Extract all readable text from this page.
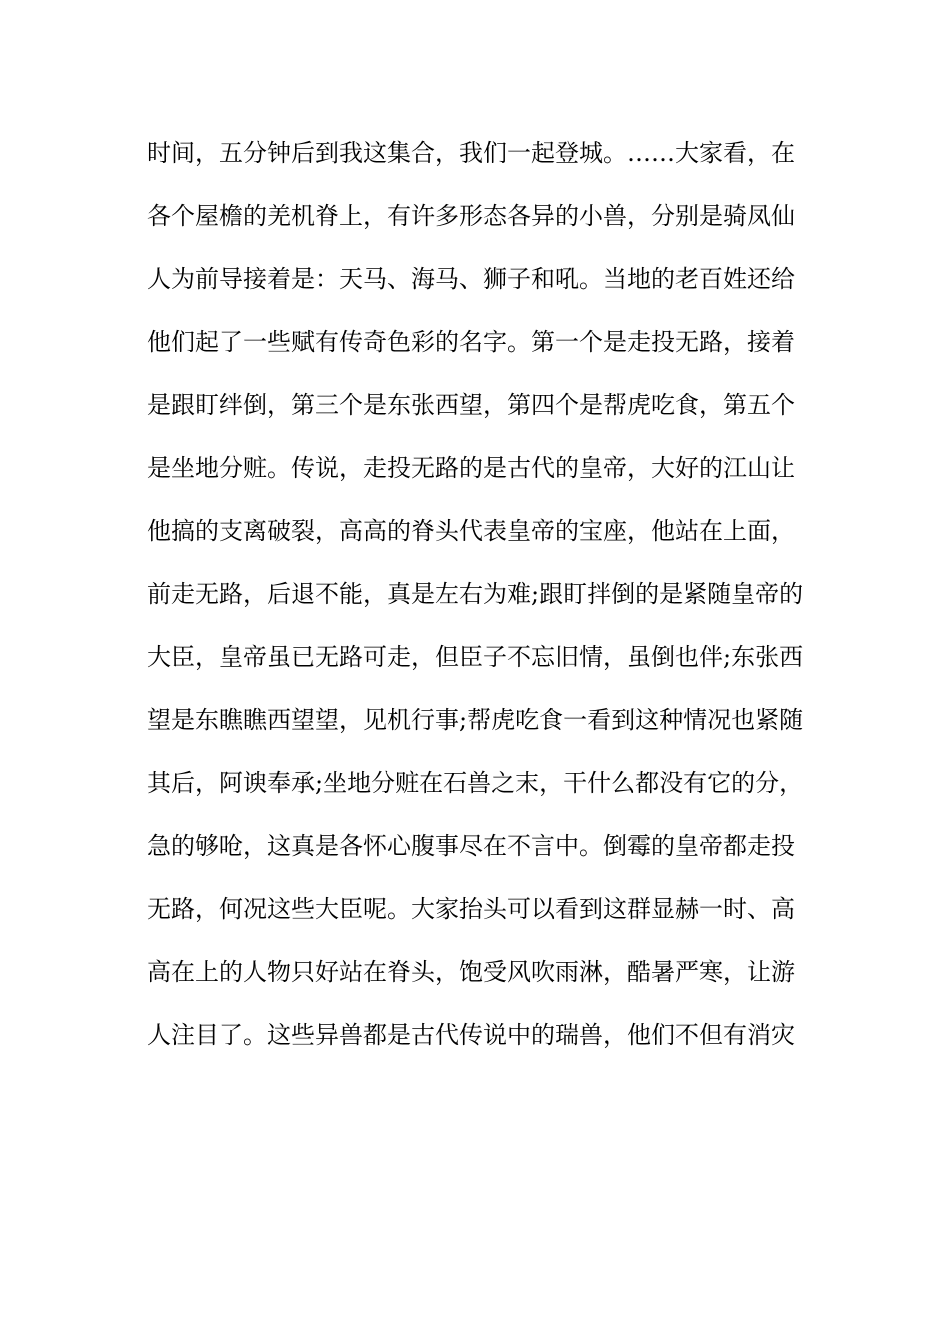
时间，五分钟后到我这集合，我们一起登城。……大家看，在
各个屋檐的羌机脊上，有许多形态各异的小兽，分别是骑凤仙
人为前导接着是：天马、海马、狮子和吼。当地的老百姓还给
他们起了一些赋有传奇色彩的名字。第一个是走投无路，接着
是跟盯绊倒，第三个是东张西望，第四个是帮虎吃食，第五个
是坐地分赃。传说，走投无路的是古代的皇帝，大好的江山让
他搞的支离破裂，高高的脊头代表皇帝的宝座，他站在上面，
前走无路，后退不能，真是左右为难;跟盯拌倒的是紧随皇帝的
大臣，皇帝虽已无路可走，但臣子不忘旧情，虽倒也伴;东张西
望是东瞧瞧西望望，见机行事;帮虎吃食一看到这种情况也紧随
其后，阿谀奉承;坐地分赃在石兽之末，干什么都没有它的分，
急的够呛，这真是各怀心腹事尽在不言中。倒霉的皇帝都走投
无路，何况这些大臣呢。大家抬头可以看到这群显赫一时、高
高在上的人物只好站在脊头，饱受风吹雨淋，酷暑严寒，让游
人注目了。这些异兽都是古代传说中的瑞兽，他们不但有消灾
